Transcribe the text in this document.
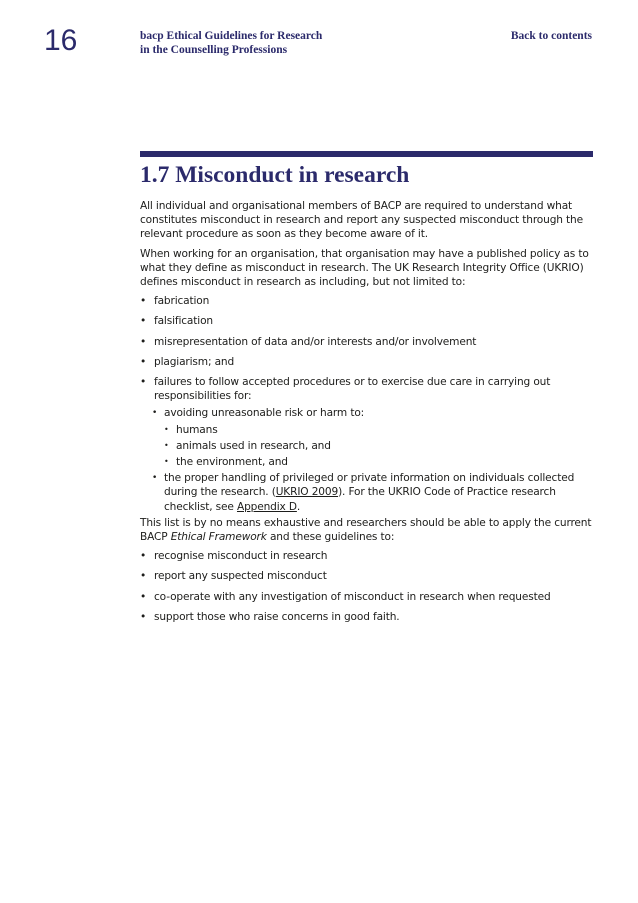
16	bacp Ethical Guidelines for Research
in the Counselling Professions
Back to contents
1.7 Misconduct in research

All individual and organisational members of BACP are required to understand what constitutes misconduct in research and report any suspected misconduct through the relevant procedure as soon as they become aware of it.

When working for an organisation, that organisation may have a published policy as to what they define as misconduct in research. The UK Research Integrity Office (UKRIO) defines misconduct in research as including, but not limited to:

• fabrication
• falsification
• misrepresentation of data and/or interests and/or involvement
• plagiarism; and
• failures to follow accepted procedures or to exercise due care in carrying out responsibilities for:
• avoiding unreasonable risk or harm to:
• humans
• animals used in research, and
• the environment, and
• the proper handling of privileged or private information on individuals collected during the research. (UKRIO 2009). For the UKRIO Code of Practice research checklist, see Appendix D.

This list is by no means exhaustive and researchers should be able to apply the current BACP Ethical Framework and these guidelines to:

• recognise misconduct in research
• report any suspected misconduct
• co-operate with any investigation of misconduct in research when requested
• support those who raise concerns in good faith.
